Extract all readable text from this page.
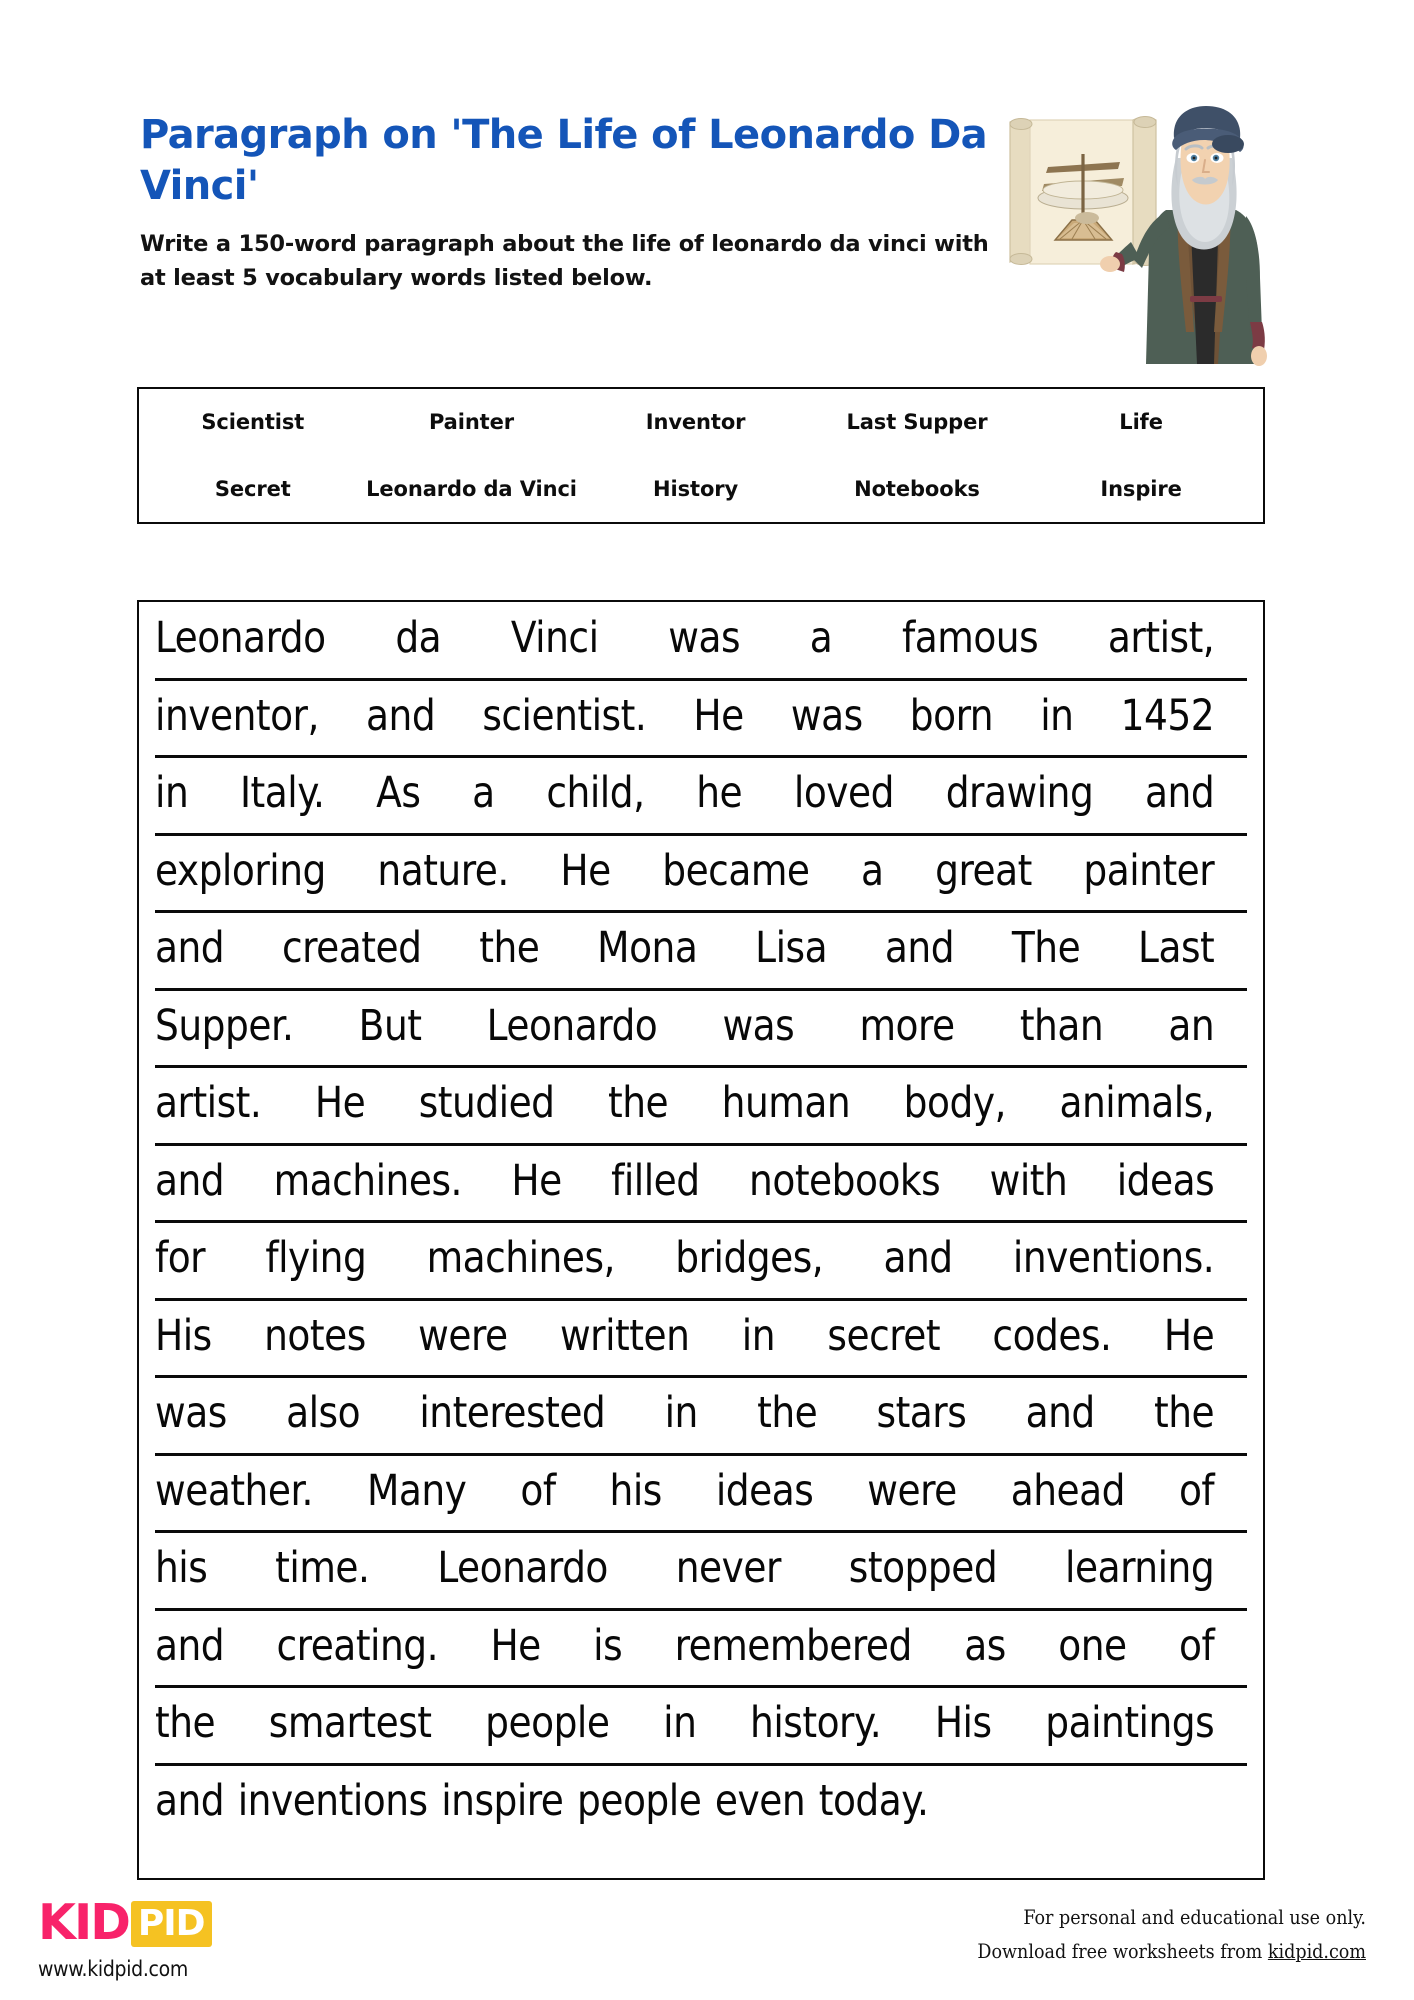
Paragraph on 'The Life of Leonardo Da Vinci'
Write a 150-word paragraph about the life of leonardo da vinci with at least 5 vocabulary words listed below.
Scientist	Painter	Inventor	Last Supper	Life
Secret	Leonardo da Vinci	History	Notebooks	Inspire
Leonardo da Vinci was a famous artist,
inventor, and scientist. He was born in 1452
in Italy. As a child, he loved drawing and
exploring nature. He became a great painter
and created the Mona Lisa and The Last
Supper. But Leonardo was more than an
artist. He studied the human body, animals,
and machines. He filled notebooks with ideas
for flying machines, bridges, and inventions.
His notes were written in secret codes. He
was also interested in the stars and the
weather. Many of his ideas were ahead of
his time. Leonardo never stopped learning
and creating. He is remembered as one of
the smartest people in history. His paintings
and inventions inspire people even today.
KID PID
www.kidpid.com
For personal and educational use only.
Download free worksheets from kidpid.com
